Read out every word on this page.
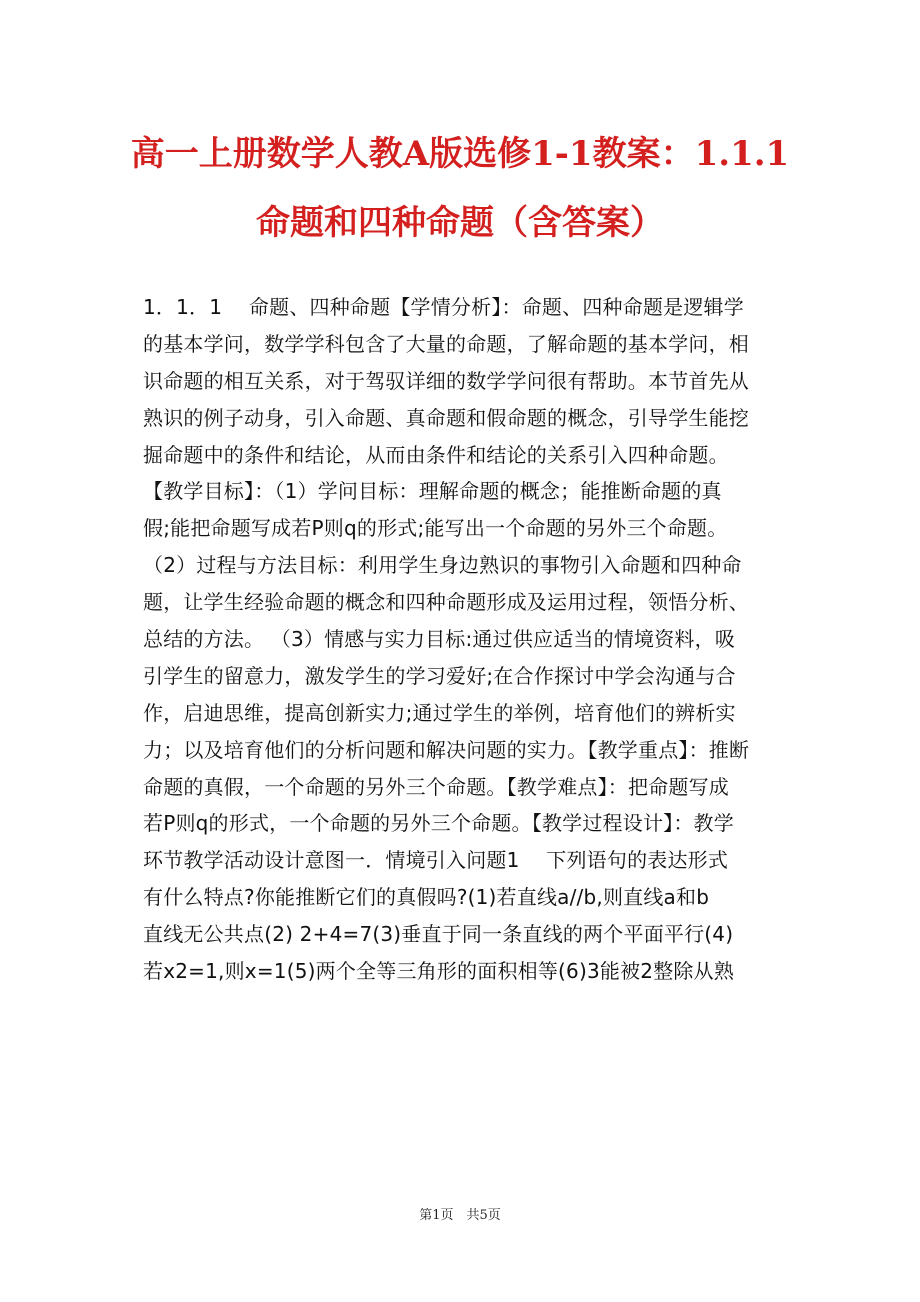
高一上册数学人教A版选修1-1教案：1.1.1
命题和四种命题（含答案）
1．1．1　 命题、四种命题【学情分析】：命题、四种命题是逻辑学
的基本学问，数学学科包含了大量的命题，了解命题的基本学问，相
识命题的相互关系，对于驾驭详细的数学学问很有帮助。本节首先从
熟识的例子动身，引入命题、真命题和假命题的概念，引导学生能挖
掘命题中的条件和结论，从而由条件和结论的关系引入四种命题。
【教学目标】：（1）学问目标：理解命题的概念；能推断命题的真
假;能把命题写成若P则q的形式;能写出一个命题的另外三个命题。
（2）过程与方法目标：利用学生身边熟识的事物引入命题和四种命
题，让学生经验命题的概念和四种命题形成及运用过程，领悟分析、
总结的方法。 （3）情感与实力目标:通过供应适当的情境资料，吸
引学生的留意力，激发学生的学习爱好;在合作探讨中学会沟通与合
作，启迪思维，提高创新实力;通过学生的举例，培育他们的辨析实
力；以及培育他们的分析问题和解决问题的实力。【教学重点】：推断
命题的真假，一个命题的另外三个命题。【教学难点】：把命题写成
若P则q的形式，一个命题的另外三个命题。【教学过程设计】：教学
环节教学活动设计意图一．情境引入问题1　 下列语句的表达形式
有什么特点?你能推断它们的真假吗?(1)若直线a//b,则直线a和b
直线无公共点(2) 2+4=7(3)垂直于同一条直线的两个平面平行(4)
若x2=1,则x=1(5)两个全等三角形的面积相等(6)3能被2整除从熟
第1页　共5页
